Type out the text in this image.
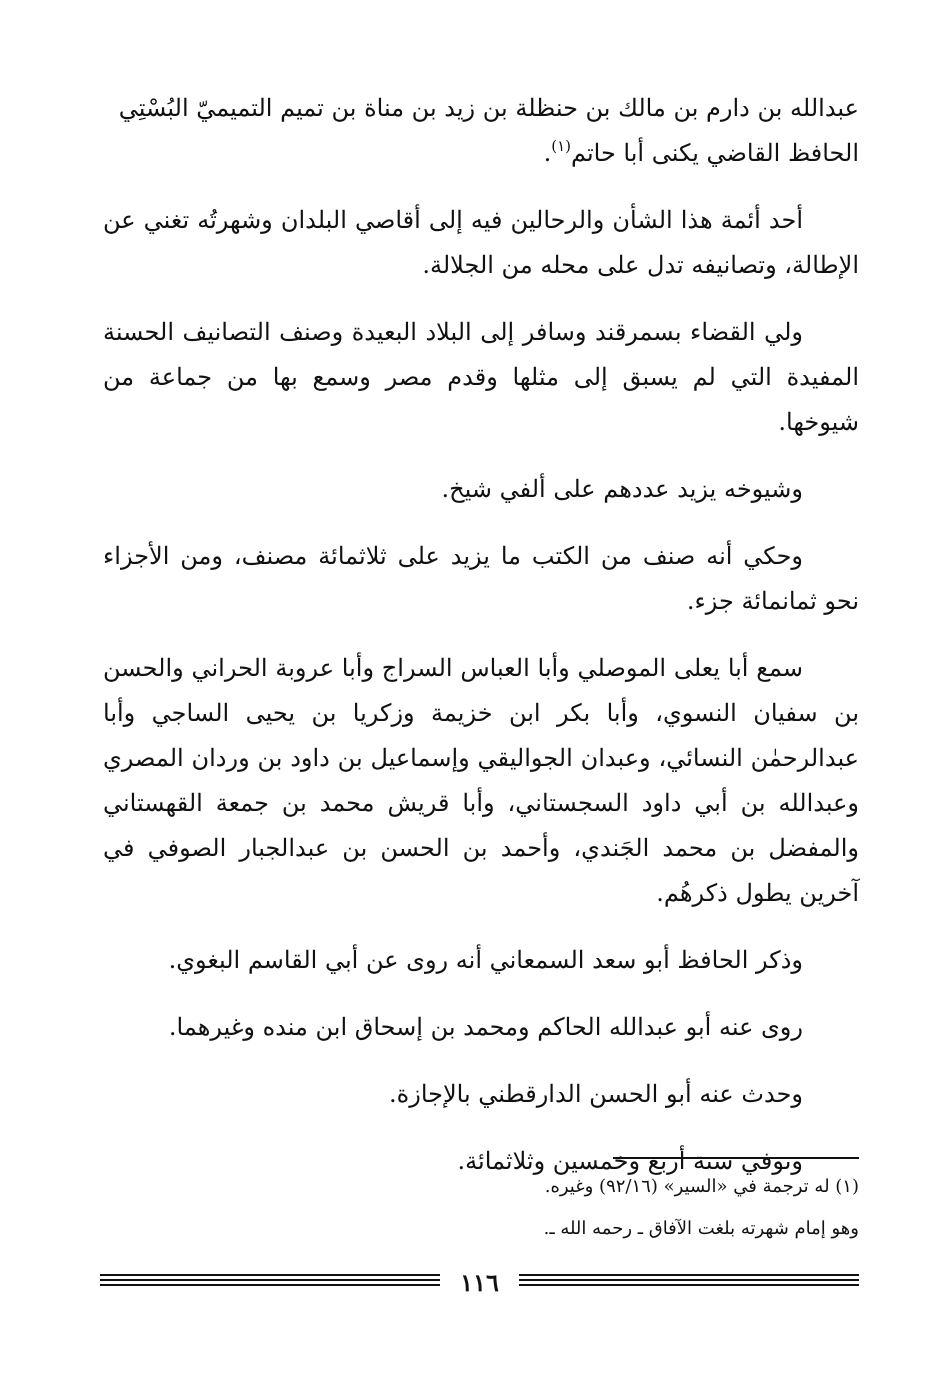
عبدالله بن دارم بن مالك بن حنظلة بن زيد بن مناة بن تميم التميميّ البُسْتِي
الحافظ القاضي يكنى أبا حاتم$^{(١)}$.

أحد أئمة هذا الشأن والرحالين فيه إلى أقاصي البلدان وشهرتُه تغني عن الإطالة، وتصانيفه تدل على محله من الجلالة.

ولي القضاء بسمرقند وسافر إلى البلاد البعيدة وصنف التصانيف الحسنة المفيدة التي لم يسبق إلى مثلها وقدم مصر وسمع بها من جماعة من شيوخها.

وشيوخه يزيد عددهم على ألفي شيخ.

وحكي أنه صنف من الكتب ما يزيد على ثلاثمائة مصنف، ومن الأجزاء نحو ثمانمائة جزء.

سمع أبا يعلى الموصلي وأبا العباس السراج وأبا عروبة الحراني والحسن بن سفيان النسوي، وأبا بكر ابن خزيمة وزكريا بن يحيى الساجي وأبا عبدالرحمٰن النسائي، وعبدان الجواليقي وإسماعيل بن داود بن وردان المصري وعبدالله بن أبي داود السجستاني، وأبا قريش محمد بن جمعة القهستاني والمفضل بن محمد الجَندي، وأحمد بن الحسن بن عبدالجبار الصوفي في آخرين يطول ذكرهُم.

وذكر الحافظ أبو سعد السمعاني أنه روى عن أبي القاسم البغوي.

روى عنه أبو عبدالله الحاكم ومحمد بن إسحاق ابن منده وغيرهما.

وحدث عنه أبو الحسن الدارقطني بالإجازة.

وتوفي سنة أربع وخمسين وثلاثمائة.

(١) له ترجمة في «السير» (٩٢/١٦) وغيره.

وهو إمام شهرته بلغت الآفاق ـ رحمه الله ـ.

١١٦
